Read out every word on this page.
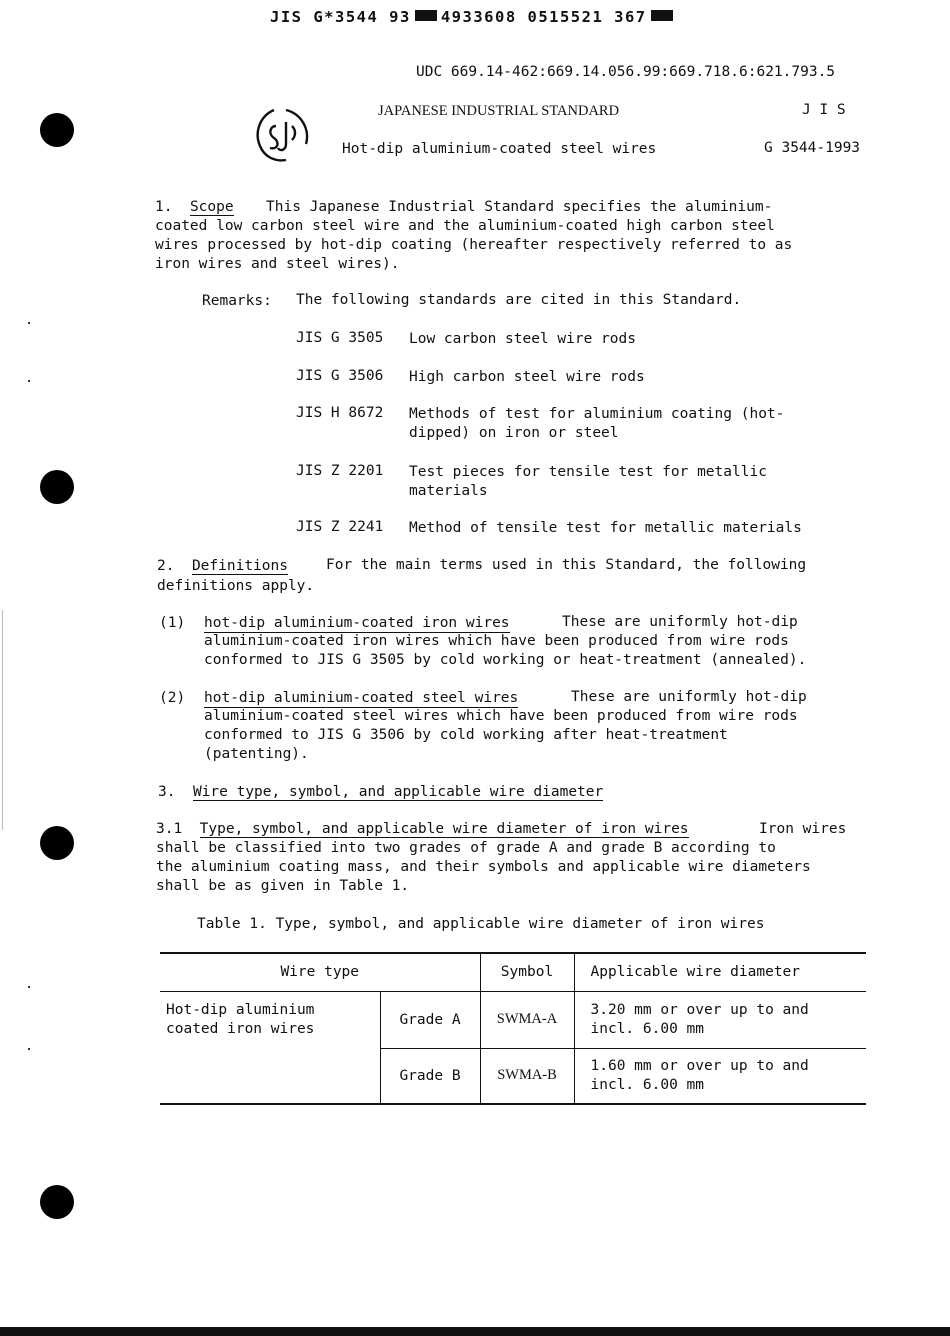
JIS G*3544 93 4933608 0515521 367
UDC 669.14-462:669.14.056.99:669.718.6:621.793.5
JAPANESE INDUSTRIAL STANDARD	J I S
Hot-dip aluminium-coated steel wires	G 3544-1993
1. Scope This Japanese Industrial Standard specifies the aluminium-
coated low carbon steel wire and the aluminium-coated high carbon steel
wires processed by hot-dip coating (hereafter respectively referred to as
iron wires and steel wires).
Remarks: The following standards are cited in this Standard.
JIS G 3505 Low carbon steel wire rods
JIS G 3506 High carbon steel wire rods
JIS H 8672 Methods of test for aluminium coating (hot-
dipped) on iron or steel
JIS Z 2201 Test pieces for tensile test for metallic
materials
JIS Z 2241 Method of tensile test for metallic materials
2. Definitions	For the main terms used in this Standard, the following
definitions apply.
(1) hot-dip aluminium-coated iron wires	These are uniformly hot-dip
aluminium-coated iron wires which have been produced from wire rods
conformed to JIS G 3505 by cold working or heat-treatment (annealed).
(2) hot-dip aluminium-coated steel wires	These are uniformly hot-dip
aluminium-coated steel wires which have been produced from wire rods
conformed to JIS G 3506 by cold working after heat-treatment
(patenting).
3. Wire type, symbol, and applicable wire diameter
3.1 Type, symbol, and applicable wire diameter of iron wires	Iron wires
shall be classified into two grades of grade A and grade B according to
the aluminium coating mass, and their symbols and applicable wire diameters
shall be as given in Table 1.
Table 1. Type, symbol, and applicable wire diameter of iron wires
Wire type		Symbol	Applicable wire diameter
Hot-dip aluminium
coated iron wires	Grade A	SWMA-A	3.20 mm or over up to and
incl. 6.00 mm
	Grade B	SWMA-B	1.60 mm or over up to and
incl. 6.00 mm
